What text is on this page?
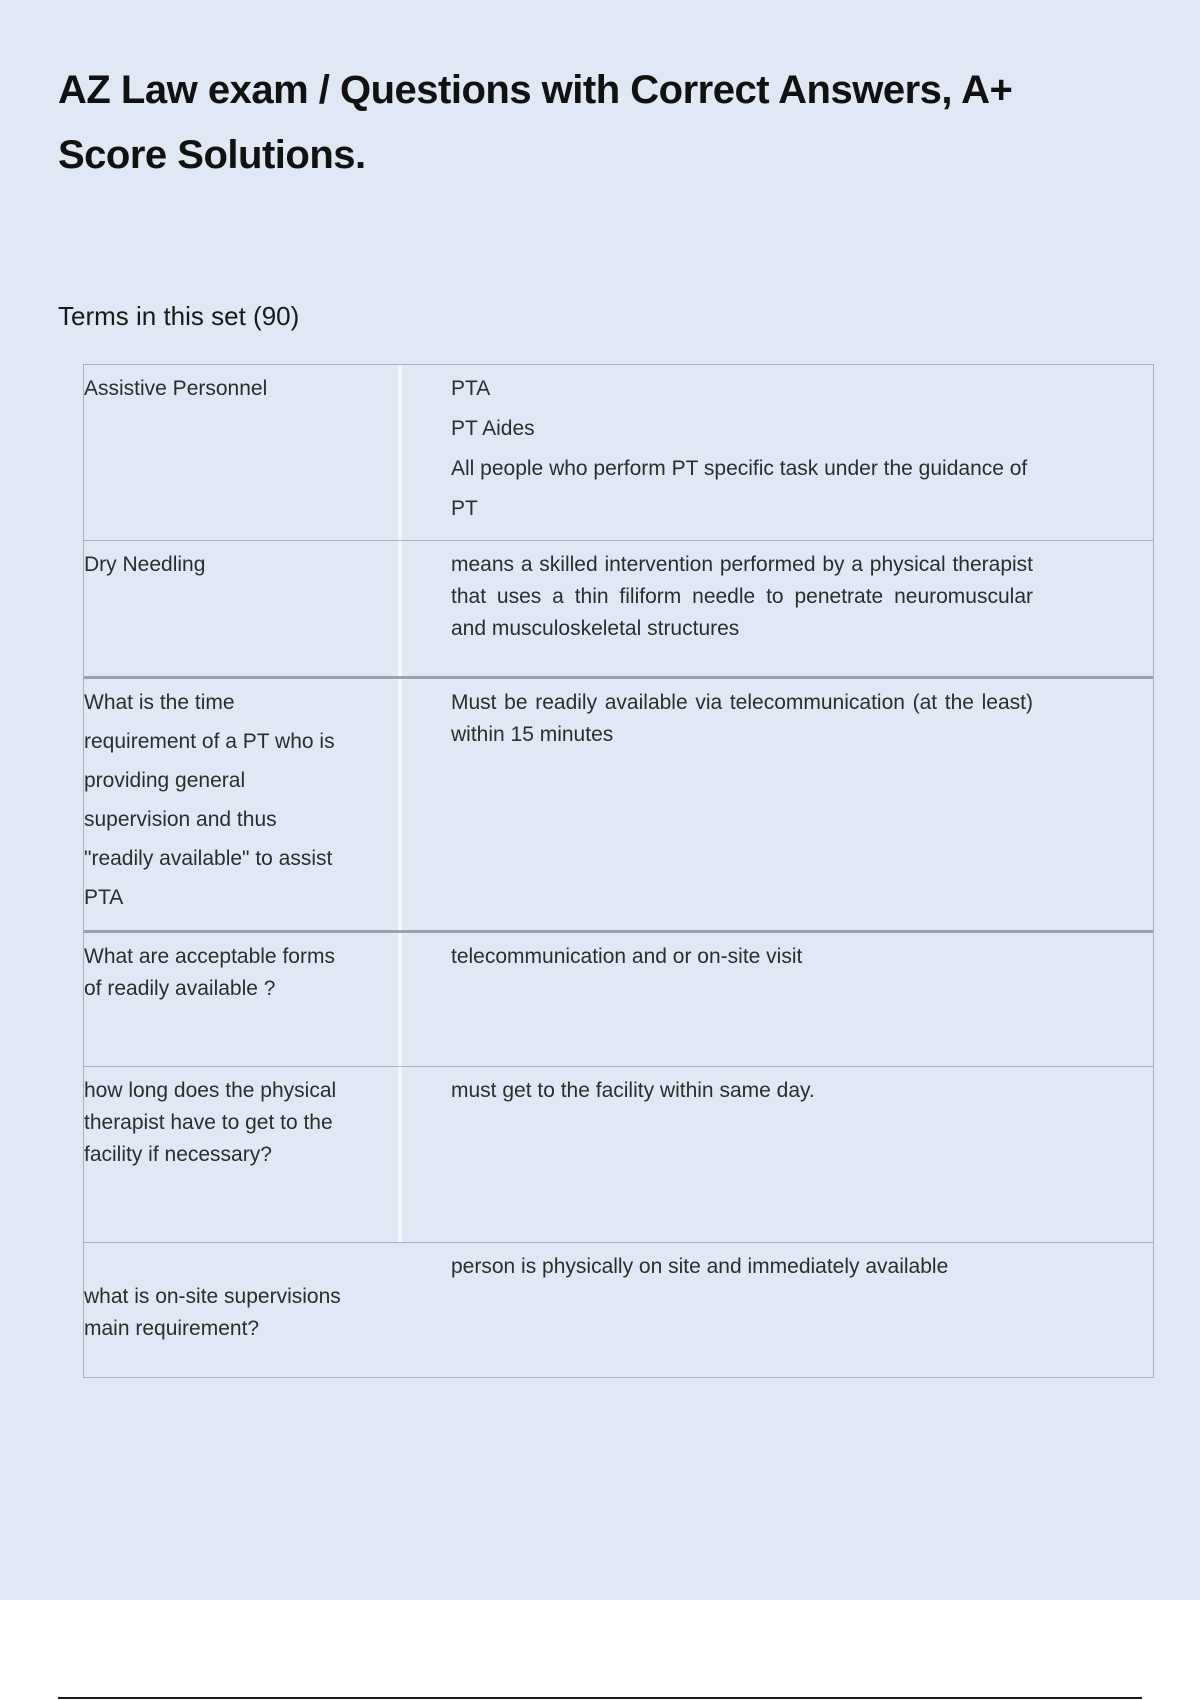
AZ Law exam / Questions with Correct Answers, A+ Score Solutions.

Terms in this set (90)

Assistive Personnel	PTA
PT Aides
All people who perform PT specific task under the guidance of PT
Dry Needling	means a skilled intervention performed by a physical therapist that uses a thin filiform needle to penetrate neuromuscular and musculoskeletal structures
What is the time requirement of a PT who is providing general supervision and thus "readily available" to assist PTA
Must be readily available via telecommunication (at the least) within 15 minutes
What are acceptable forms of readily available ?
telecommunication and or on-site visit
how long does the physical therapist have to get to the facility if necessary?
must get to the facility within same day.
what is on-site supervisions main requirement?
person is physically on site and immediately available
